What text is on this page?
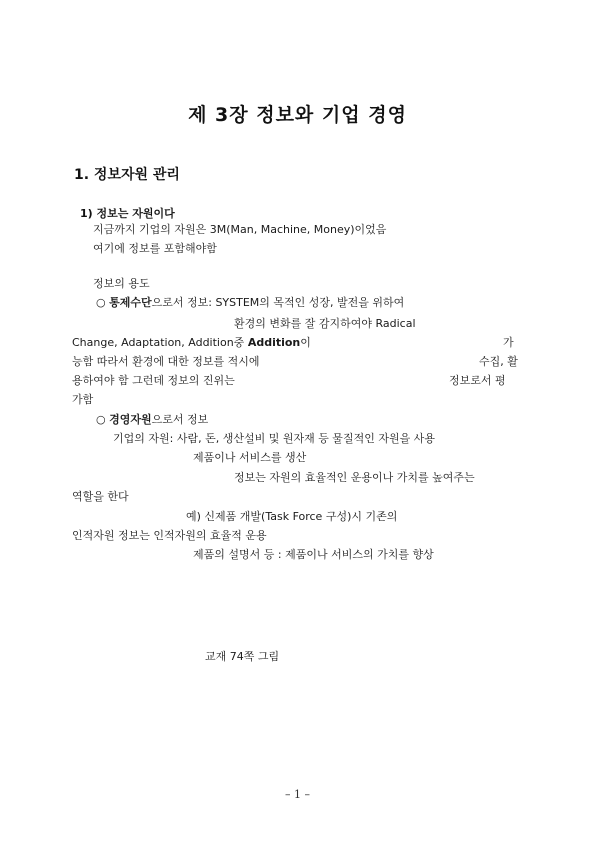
제 3장 정보와 기업 경영
1. 정보자원 관리
1) 정보는 자원이다
지금까지 기업의 자원은 3M(Man, Machine, Money)이었음
여기에 정보를 포함해야함
정보의 용도
○ 통제수단으로서 정보: SYSTEM의 목적인 성장, 발전을 위하여
환경의 변화를 잘 감지하여야 Radical
Change, Adaptation, Addition중 Addition이	가
능함 따라서 환경에 대한 정보를 적시에	수집, 활
용하여야 함 그런데 정보의 진위는	정보로서 평
가함
○ 경영자원으로서 정보
기업의 자원: 사람, 돈, 생산설비 및 원자재 등 물질적인 자원을 사용
제품이나 서비스를 생산
정보는 자원의 효율적인 운용이나 가치를 높여주는
역할을 한다
예) 신제품 개발(Task Force 구성)시 기존의
인적자원 정보는 인적자원의 효율적 운용
제품의 설명서 등 : 제품이나 서비스의 가치를 향상
교재 74쪽 그림
– 1 –
